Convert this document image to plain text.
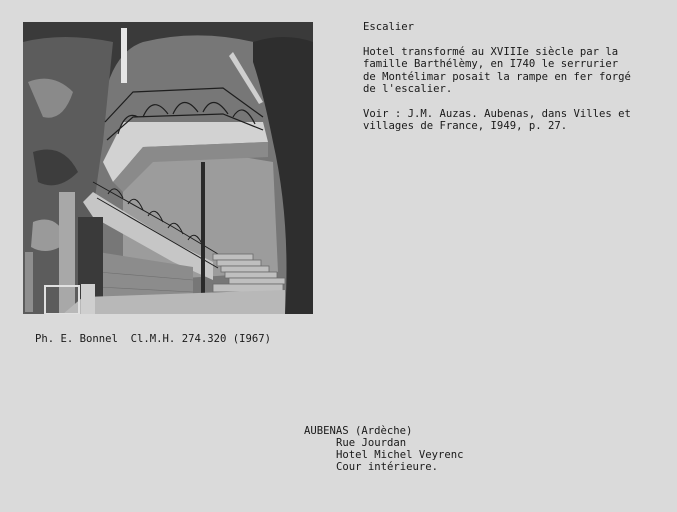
Escalier

Hotel transformé au XVIIIe siècle par la
famille Barthélèmy, en I740 le serrurier
de Montélimar posait la rampe en fer forgé
de l'escalier.

Voir : J.M. Auzas. Aubenas, dans Villes et
villages de France, I949, p. 27.

Ph. E. Bonnel  Cl.M.H. 274.320 (I967)

AUBENAS (Ardèche)

Rue Jourdan

Hotel Michel Veyrenc

Cour intérieure.
